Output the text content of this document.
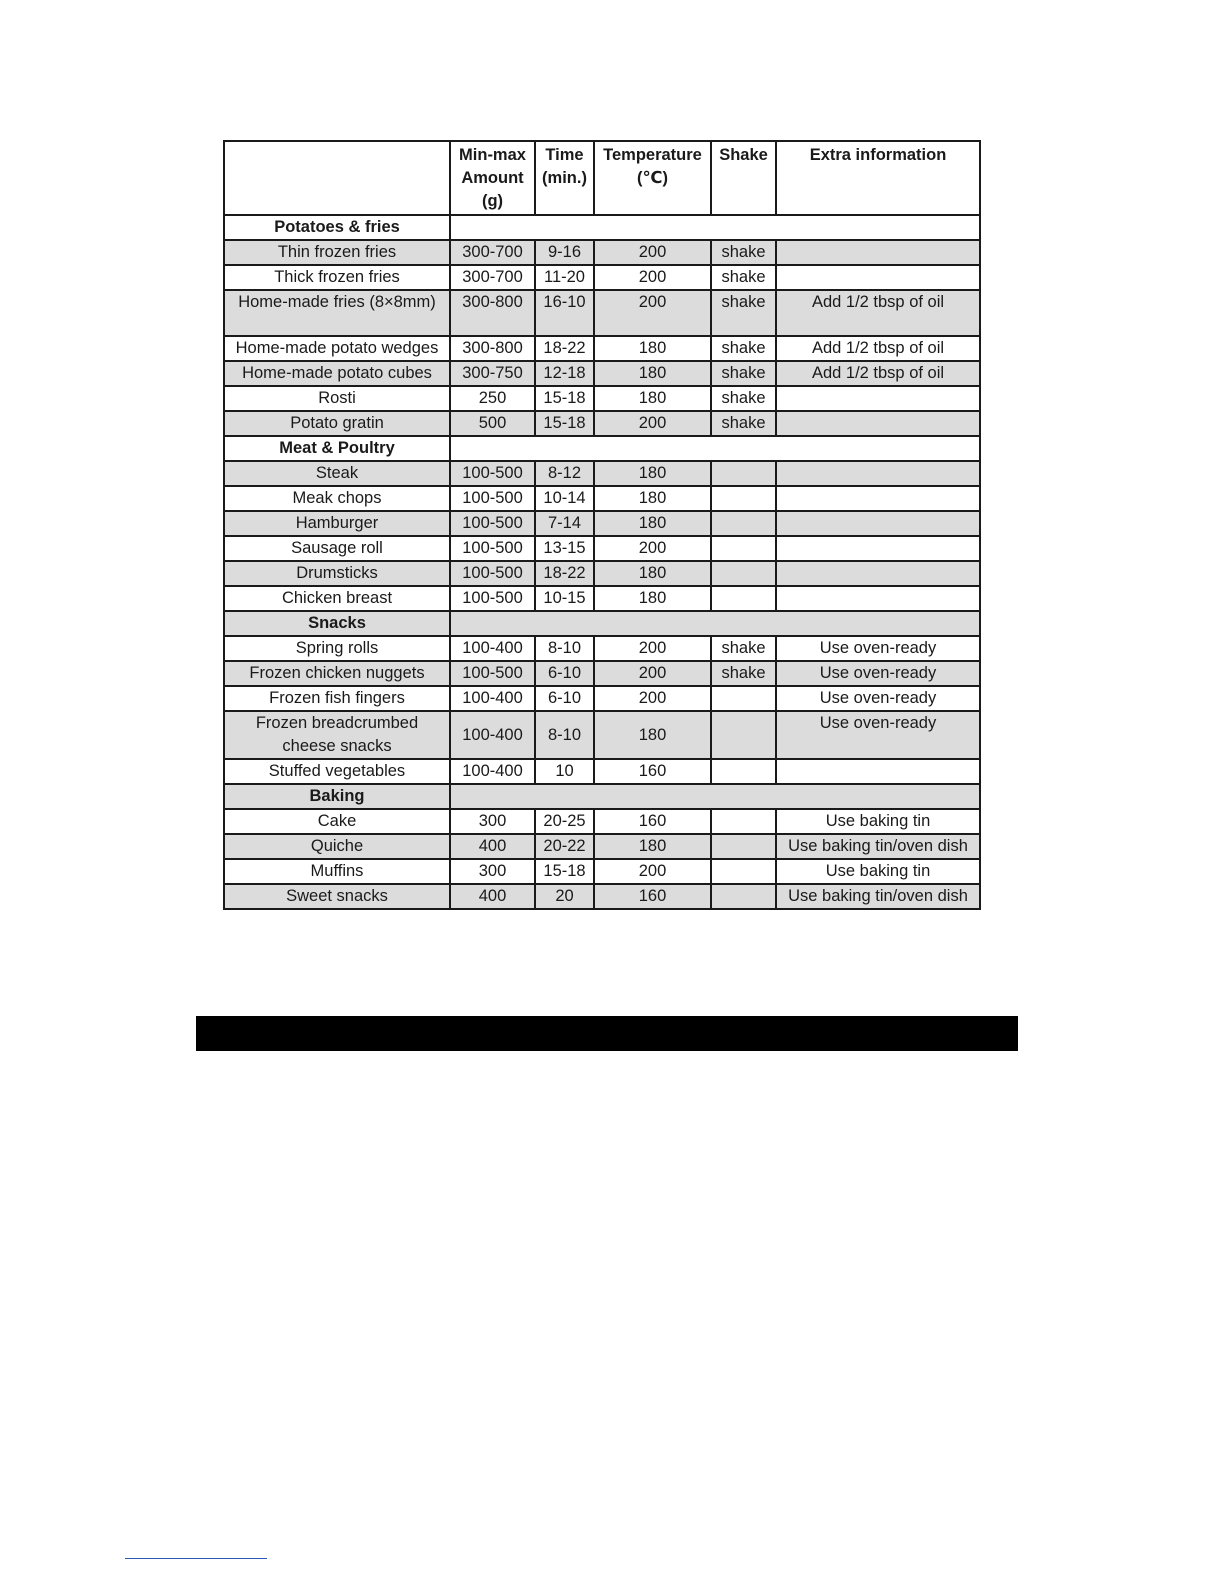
	Min-max Amount (g)	Time (min.)	Temperature (℃)	Shake	Extra information
Potatoes & fries					
Thin frozen fries	300-700	9-16	200	shake	
Thick frozen fries	300-700	11-20	200	shake	
Home-made fries (8×8mm)	300-800	16-10	200	shake	Add 1/2 tbsp of oil
Home-made potato wedges	300-800	18-22	180	shake	Add 1/2 tbsp of oil
Home-made potato cubes	300-750	12-18	180	shake	Add 1/2 tbsp of oil
Rosti	250	15-18	180	shake	
Potato gratin	500	15-18	200	shake	
Meat & Poultry					
Steak	100-500	8-12	180		
Meak chops	100-500	10-14	180		
Hamburger	100-500	7-14	180		
Sausage roll	100-500	13-15	200		
Drumsticks	100-500	18-22	180		
Chicken breast	100-500	10-15	180		
Snacks					
Spring rolls	100-400	8-10	200	shake	Use oven-ready
Frozen chicken nuggets	100-500	6-10	200	shake	Use oven-ready
Frozen fish fingers	100-400	6-10	200		Use oven-ready
Frozen breadcrumbed cheese snacks	100-400	8-10	180		Use oven-ready
Stuffed vegetables	100-400	10	160		
Baking					
Cake	300	20-25	160		Use baking tin
Quiche	400	20-22	180		Use baking tin/oven dish
Muffins	300	15-18	200		Use baking tin
Sweet snacks	400	20	160		Use baking tin/oven dish
